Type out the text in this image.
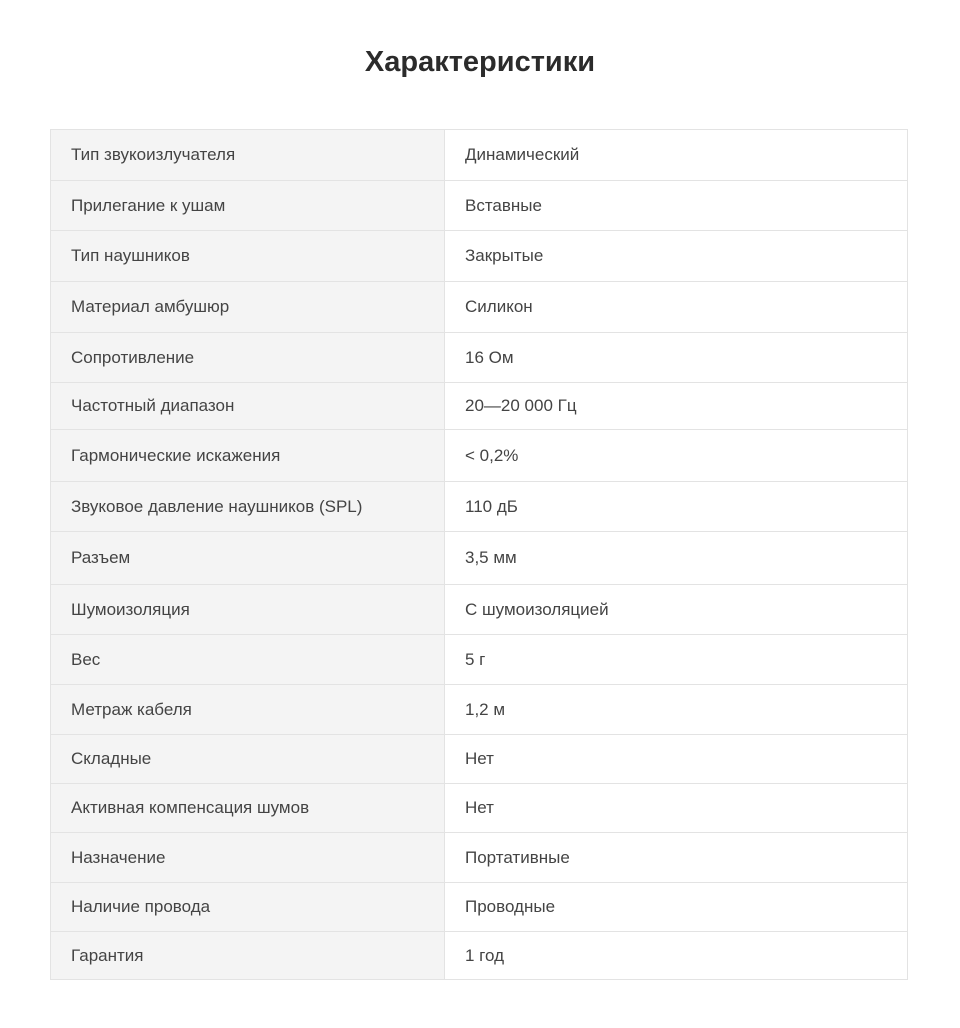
Характеристики
Тип звукоизлучателя	Динамический
Прилегание к ушам	Вставные
Тип наушников	Закрытые
Материал амбушюр	Силикон
Сопротивление	16 Ом
Частотный диапазон	20—20 000 Гц
Гармонические искажения	< 0,2%
Звуковое давление наушников (SPL)	110 дБ
Разъем	3,5 мм
Шумоизоляция	С шумоизоляцией
Вес	5 г
Метраж кабеля	1,2 м
Складные	Нет
Активная компенсация шумов	Нет
Назначение	Портативные
Наличие провода	Проводные
Гарантия	1 год
